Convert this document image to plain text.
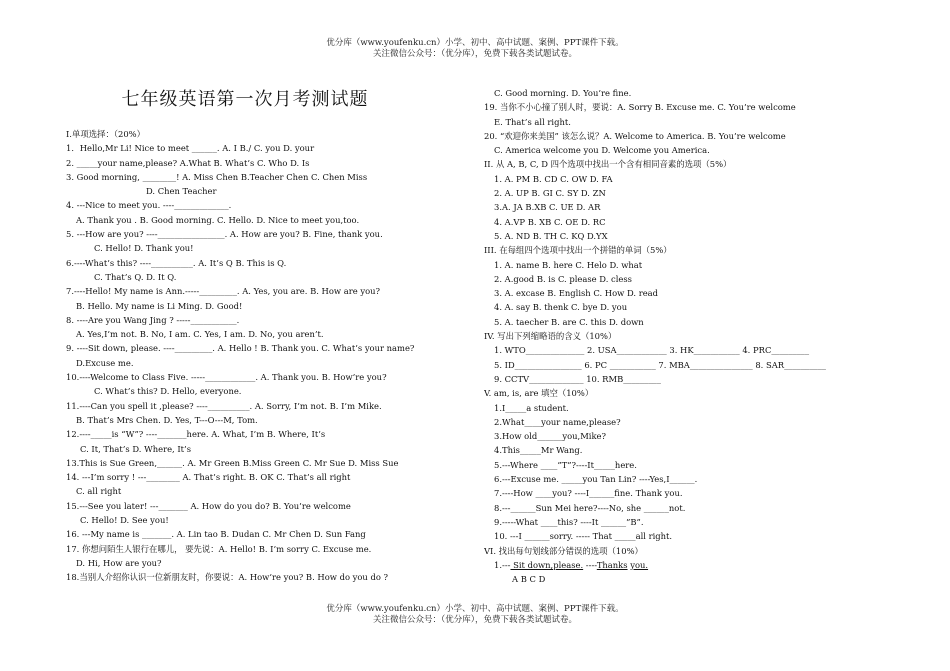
优分库（www.youfenku.cn）小学、初中、高中试题、案例、PPT课件下载。
关注微信公众号：（优分库），免费下载各类试题试卷。
七年级英语第一次月考测试题
I.单项选择：（20%）
1．Hello,Mr Li! Nice to meet ______. A. I B./ C. you D. your
2. _____your name,please? A.What B. What’s C. Who D. Is
3. Good morning, ________! A. Miss Chen B.Teacher Chen C. Chen Miss
D. Chen Teacher
4. ---Nice to meet you. ----_____________.
A. Thank you . B. Good morning. C. Hello. D. Nice to meet you,too.
5. ---How are you? ----________________. A. How are you? B. Fine, thank you.
C. Hello! D. Thank you!
6.----What’s this? ----__________. A. It’s Q B. This is Q.
C. That’s Q. D. It Q.
7.----Hello! My name is Ann.-----_________. A. Yes, you are. B. How are you?
B. Hello. My name is Li Ming. D. Good!
8. ----Are you Wang Jing ? -----___________.
A. Yes,I’m not. B. No, I am. C. Yes, I am. D. No, you aren’t.
9. ----Sit down, please. ----_________. A. Hello ! B. Thank you. C. What’s your name?
D.Excuse me.
10.----Welcome to Class Five. -----____________. A. Thank you. B. How’re you?
C. What’s this? D. Hello, everyone.
11.----Can you spell it ,please? ----__________. A. Sorry, I’m not. B. I’m Mike.
B. That’s Mrs Chen. D. Yes, T---O---M, Tom.
12.----_____is “W”? ----_______here. A. What, I’m B. Where, It’s
C. It, That’s D. Where, It’s
13.This is Sue Green,______. A. Mr Green B.Miss Green C. Mr Sue D. Miss Sue
14. ---I’m sorry ! ---________ A. That’s right. B. OK C. That’s all right
C. all right
15.---See you later! ---_______ A. How do you do? B. You’re welcome
C. Hello! D. See you!
16. ---My name is _______. A. Lin tao B. Dudan C. Mr Chen D. Sun Fang
17. 你想问陌生人银行在哪儿， 要先说：A. Hello! B. I’m sorry C. Excuse me.
D. Hi, How are you?
18.当别人介绍你认识一位新朋友时，你要说：A. How’re you? B. How do you do ?
C. Good morning. D. You’re fine.
19. 当你不小心撞了别人时，要说：A. Sorry B. Excuse me. C. You’re welcome
E. That’s all right.
20. “欢迎你来美国” 该怎么说？A. Welcome to America. B. You’re welcome
C. America welcome you D. Welcome you America.
II. 从 A, B, C, D 四个选项中找出一个含有相同音素的选项（5%）
1. A. PM B. CD C. OW D. FA
2. A. UP B. GI C. SY D. ZN
3.A. JA B.XB C. UE D. AR
4. A.VP B. XB C. OE D. RC
5. A. ND B. TH C. KQ D.YX
III. 在每组四个选项中找出一个拼错的单词（5%）
1. A. name B. here C. Helo D. what
2. A.good B. is C. please D. cless
3. A. excase B. English C. How D. read
4. A. say B. thenk C. bye D. you
5. A. taecher B. are C. this D. down
IV. 写出下列缩略语的含义（10%）
1. WTO______________ 2. USA____________ 3. HK___________ 4. PRC_________
5. ID________________ 6. PC ___________ 7. MBA_______________ 8. SAR__________
9. CCTV_____________ 10. RMB_________
V. am, is, are 填空（10%）
1.I_____a student.
2.What____your name,please?
3.How old______you,Mike?
4.This_____Mr Wang.
5.---Where ____”T”?----It_____here.
6.---Excuse me. _____you Tan Lin? ----Yes,I______.
7.----How ____you? ----I______fine. Thank you.
8.---______Sun Mei here?----No, she ______not.
9.-----What ____this? ----It ______”B”.
10. ---I ______sorry. ----- That _____all right.
VI. 找出每句划线部分错误的选项（10%）
1.--- Sit down,please. ----Thanks you.
A B C D
优分库（www.youfenku.cn）小学、初中、高中试题、案例、PPT课件下载。
关注微信公众号：（优分库），免费下载各类试题试卷。
